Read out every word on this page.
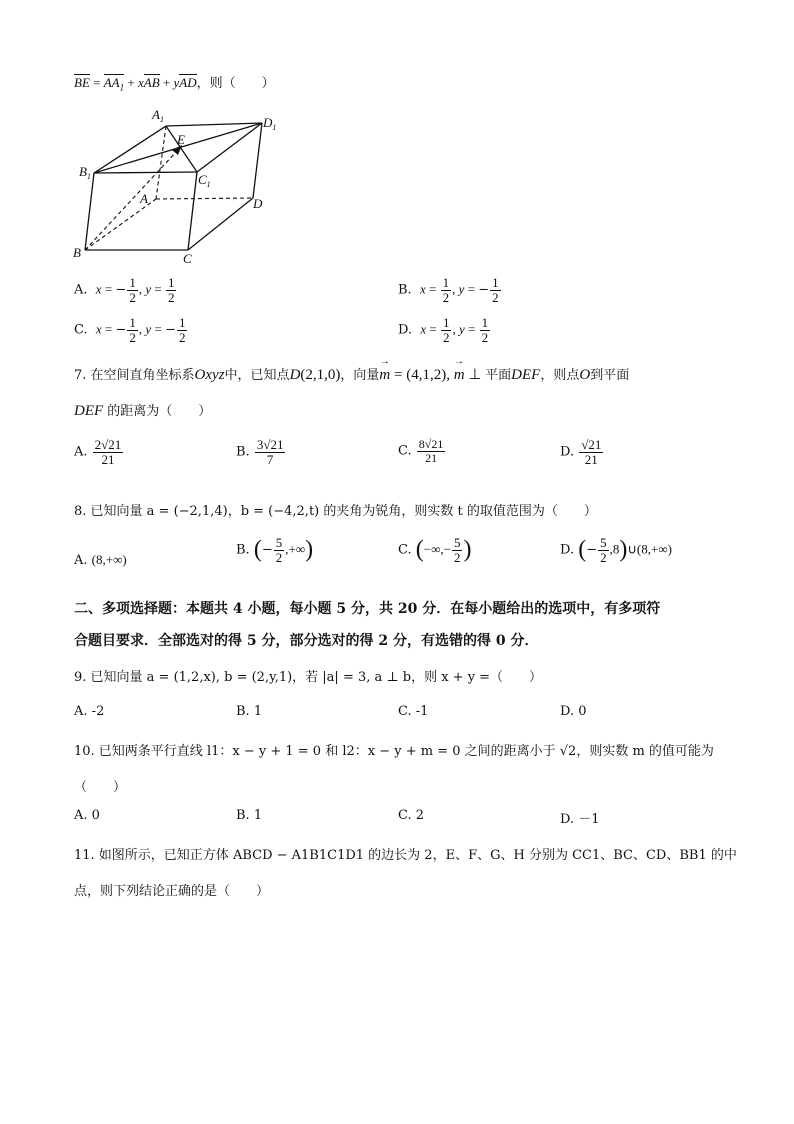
BE = $AA_1$ + xAB + yAD，则（　　）
$A_1$	$D_1$
E
$B_1$	$C_1$
A	D
B	C
A. x = − $\frac{1}{2}$ , $y = \frac{1}{2}$	B. $x = \frac{1}{2}$ , y = − $\frac{1}{2}$
C. x = − $\frac{1}{2}$ , y = − $\frac{1}{2}$	D. $x = \frac{1}{2}$ , $y = \frac{1}{2}$
7. 在空间直角坐标系Oxyz中，已知点D(2,1,0)，向量m → = (4,1,2), m → ⊥ 平面DEF，则点O到平面
DEF 的距离为（　　）
A. $\frac{2√21}{21}$	B. $\frac{3√21}{7}$	C. $\frac{8√21}{21}$	D. $\frac{√21}{21}$
8. 已知向量 a = (−2,1,4)，b = (−4,2,t) 的夹角为锐角，则实数 t 的取值范围为（　　）
A. (8,+∞)
B. (− $\frac{5}{2}$ ,+∞)	C. (−∞,− $\frac{5}{2}$ )	D. (− $\frac{5}{2}$ ,8)∪(8,+∞)
二、多项选择题：本题共 4 小题，每小题 5 分，共 20 分．在每小题给出的选项中，有多项符
合题目要求．全部选对的得 5 分，部分选对的得 2 分，有选错的得 0 分．
9. 已知向量 a = (1,2,x), b = (2,y,1)，若 |a| = 3, a ⊥ b，则 x + y =（　　）
A. -2	B. 1	C. -1	D. 0
10. 已知两条平行直线 l1：x − y + 1 = 0 和 l2：x − y + m = 0 之间的距离小于 √2，则实数 m 的值可能为
（　　）
A. 0	B. 1	C. 2	D. －1
11. 如图所示，已知正方体 ABCD − A1B1C1D1 的边长为 2，E、F、G、H 分别为 CC1、BC、CD、BB1 的中
点，则下列结论正确的是（　　）
